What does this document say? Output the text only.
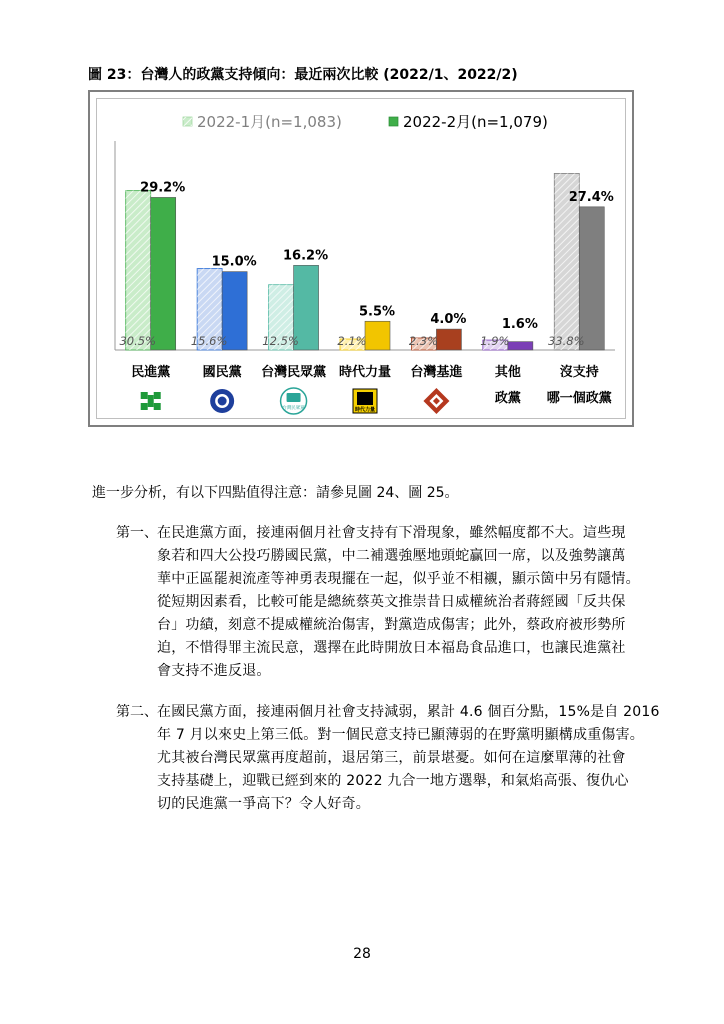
圖 23：台灣人的政黨支持傾向：最近兩次比較 (2022/1、2022/2)
2022-1月(n=1,083)	2022-2月(n=1,079)
30.5%
29.2%
民進黨
15.6%
15.0%
國民黨
12.5%
16.2%
台灣民眾黨
台灣民眾黨
2.1%
5.5%
時代力量
時代力量
2.3%
4.0%
台灣基進
1.9%
1.6%
其他
政黨
33.8%
27.4%
沒支持
哪一個政黨
進一步分析，有以下四點值得注意：請參見圖 24、圖 25。
第一、 在民進黨方面，接連兩個月社會支持有下滑現象，雖然幅度都不大。這些現
象若和四大公投巧勝國民黨，中二補選強壓地頭蛇贏回一席，以及強勢讓萬
華中正區罷昶流產等神勇表現擺在一起，似乎並不相襯，顯示箇中另有隱情。
從短期因素看，比較可能是總統蔡英文推崇昔日威權統治者蔣經國「反共保
台」功績，刻意不提威權統治傷害，對黨造成傷害；此外，蔡政府被形勢所
迫，不惜得罪主流民意，選擇在此時開放日本福島食品進口，也讓民進黨社
會支持不進反退。
第二、 在國民黨方面，接連兩個月社會支持減弱，累計 4.6 個百分點，15%是自 2016
年 7 月以來史上第三低。對一個民意支持已顯薄弱的在野黨明顯構成重傷害。
尤其被台灣民眾黨再度超前，退居第三，前景堪憂。如何在這麼單薄的社會
支持基礎上，迎戰已經到來的 2022 九合一地方選舉，和氣焰高張、復仇心
切的民進黨一爭高下？令人好奇。
28
